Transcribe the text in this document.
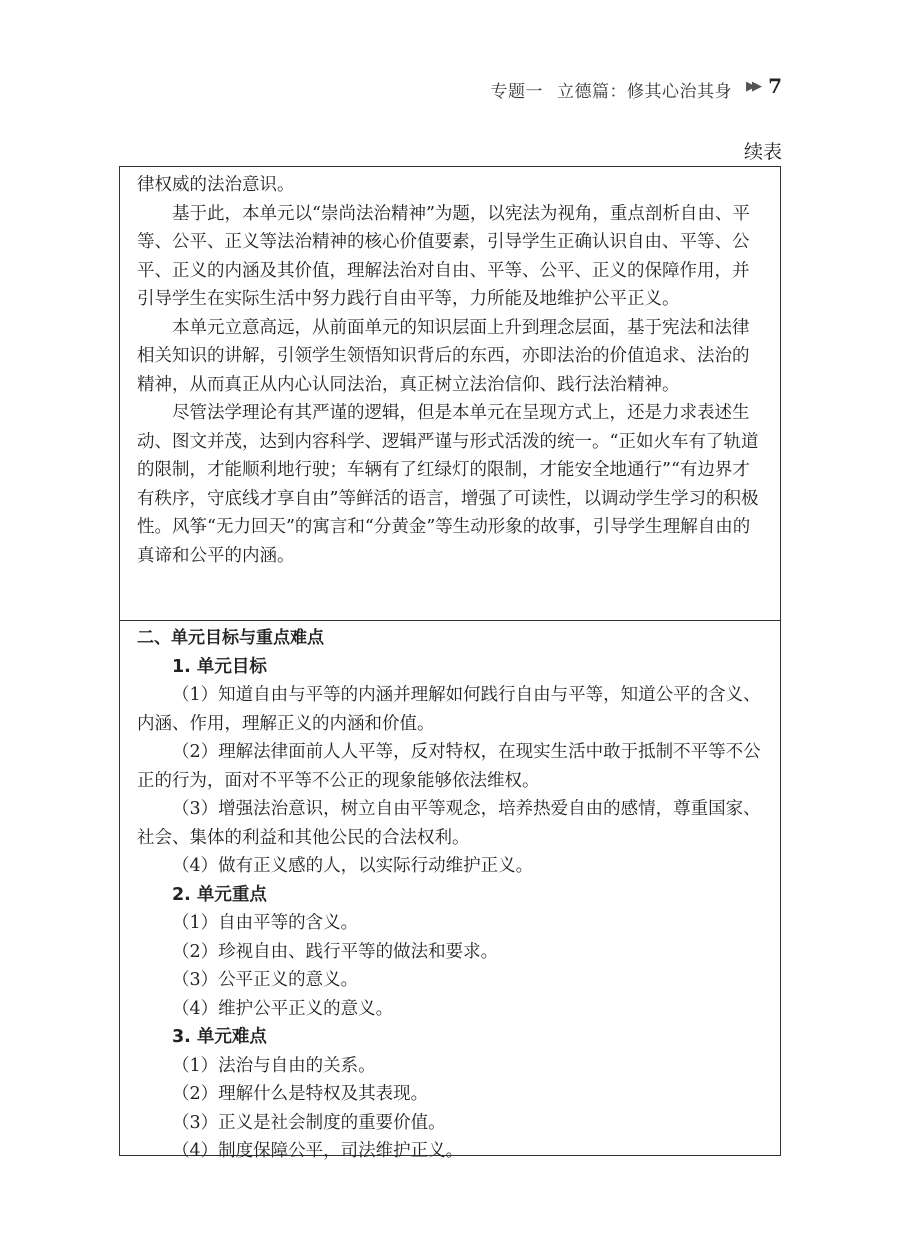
专题一 立德篇：修其心治其身 ▶▶ 7
续表

律权威的法治意识。

基于此，本单元以“崇尚法治精神”为题，以宪法为视角，重点剖析自由、平等、公平、正义等法治精神的核心价值要素，引导学生正确认识自由、平等、公平、正义的内涵及其价值，理解法治对自由、平等、公平、正义的保障作用，并引导学生在实际生活中努力践行自由平等，力所能及地维护公平正义。

本单元立意高远，从前面单元的知识层面上升到理念层面，基于宪法和法律相关知识的讲解，引领学生领悟知识背后的东西，亦即法治的价值追求、法治的精神，从而真正从内心认同法治，真正树立法治信仰、践行法治精神。

尽管法学理论有其严谨的逻辑，但是本单元在呈现方式上，还是力求表述生动、图文并茂，达到内容科学、逻辑严谨与形式活泼的统一。“正如火车有了轨道的限制，才能顺利地行驶；车辆有了红绿灯的限制，才能安全地通行”“有边界才有秩序，守底线才享自由”等鲜活的语言，增强了可读性，以调动学生学习的积极性。风筝“无力回天”的寓言和“分黄金”等生动形象的故事，引导学生理解自由的真谛和公平的内涵。

二、单元目标与重点难点

1. 单元目标

（1）知道自由与平等的内涵并理解如何践行自由与平等，知道公平的含义、内涵、作用，理解正义的内涵和价值。

（2）理解法律面前人人平等，反对特权，在现实生活中敢于抵制不平等不公正的行为，面对不平等不公正的现象能够依法维权。

（3）增强法治意识，树立自由平等观念，培养热爱自由的感情，尊重国家、社会、集体的利益和其他公民的合法权利。

（4）做有正义感的人，以实际行动维护正义。

2. 单元重点

（1）自由平等的含义。

（2）珍视自由、践行平等的做法和要求。

（3）公平正义的意义。

（4）维护公平正义的意义。

3. 单元难点

（1）法治与自由的关系。

（2）理解什么是特权及其表现。

（3）正义是社会制度的重要价值。

（4）制度保障公平，司法维护正义。
